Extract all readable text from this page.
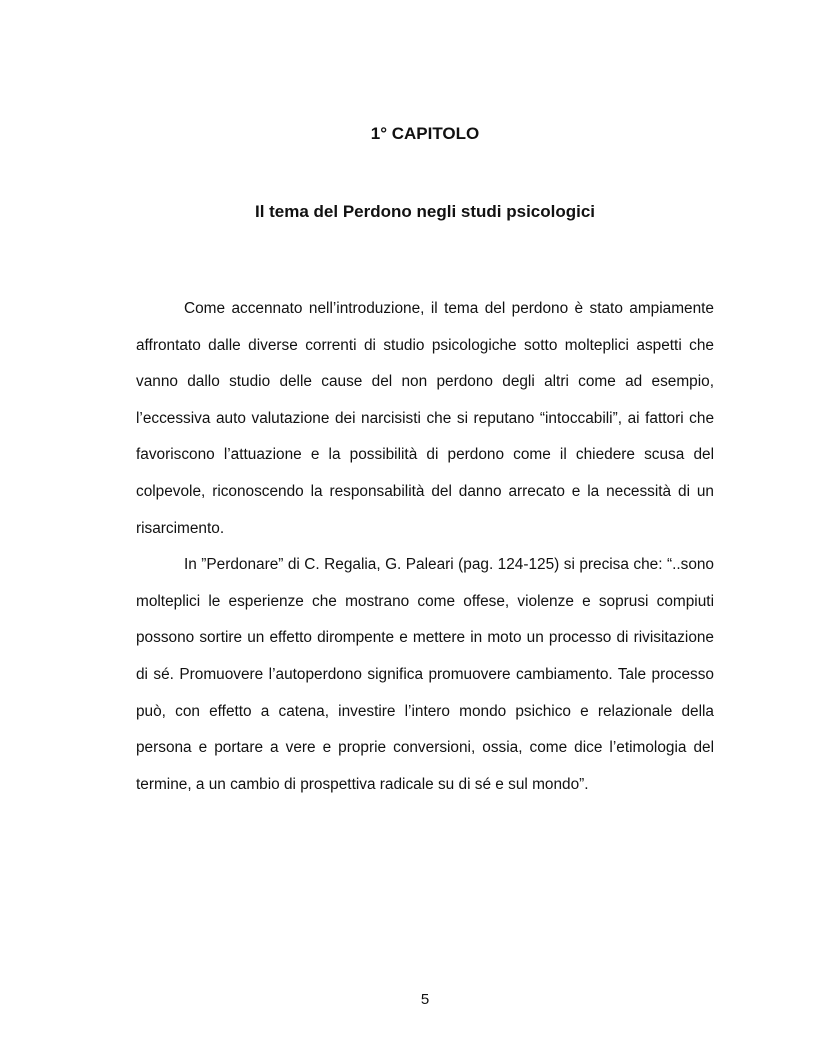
1° CAPITOLO
Il tema del Perdono negli studi psicologici

Come accennato nell’introduzione, il tema del perdono è stato ampiamente affrontato dalle diverse correnti di studio psicologiche sotto molteplici aspetti che vanno dallo studio delle cause del non perdono degli altri come ad esempio, l’eccessiva auto valutazione dei narcisisti che si reputano “intoccabili”, ai fattori che favoriscono l’attuazione e la possibilità di perdono come il chiedere scusa del colpevole, riconoscendo la responsabilità del danno arrecato e la necessità di un risarcimento.

In ”Perdonare” di C. Regalia, G. Paleari (pag. 124-125) si precisa che: “..sono molteplici le esperienze che mostrano come offese, violenze e soprusi compiuti possono sortire un effetto dirompente e mettere in moto un processo di rivisitazione di sé. Promuovere l’autoperdono significa promuovere cambiamento. Tale processo può, con effetto a catena, investire l’intero mondo psichico e relazionale della persona e portare a vere e proprie conversioni, ossia, come dice l’etimologia del termine, a un cambio di prospettiva radicale su di sé e sul mondo”.

5
